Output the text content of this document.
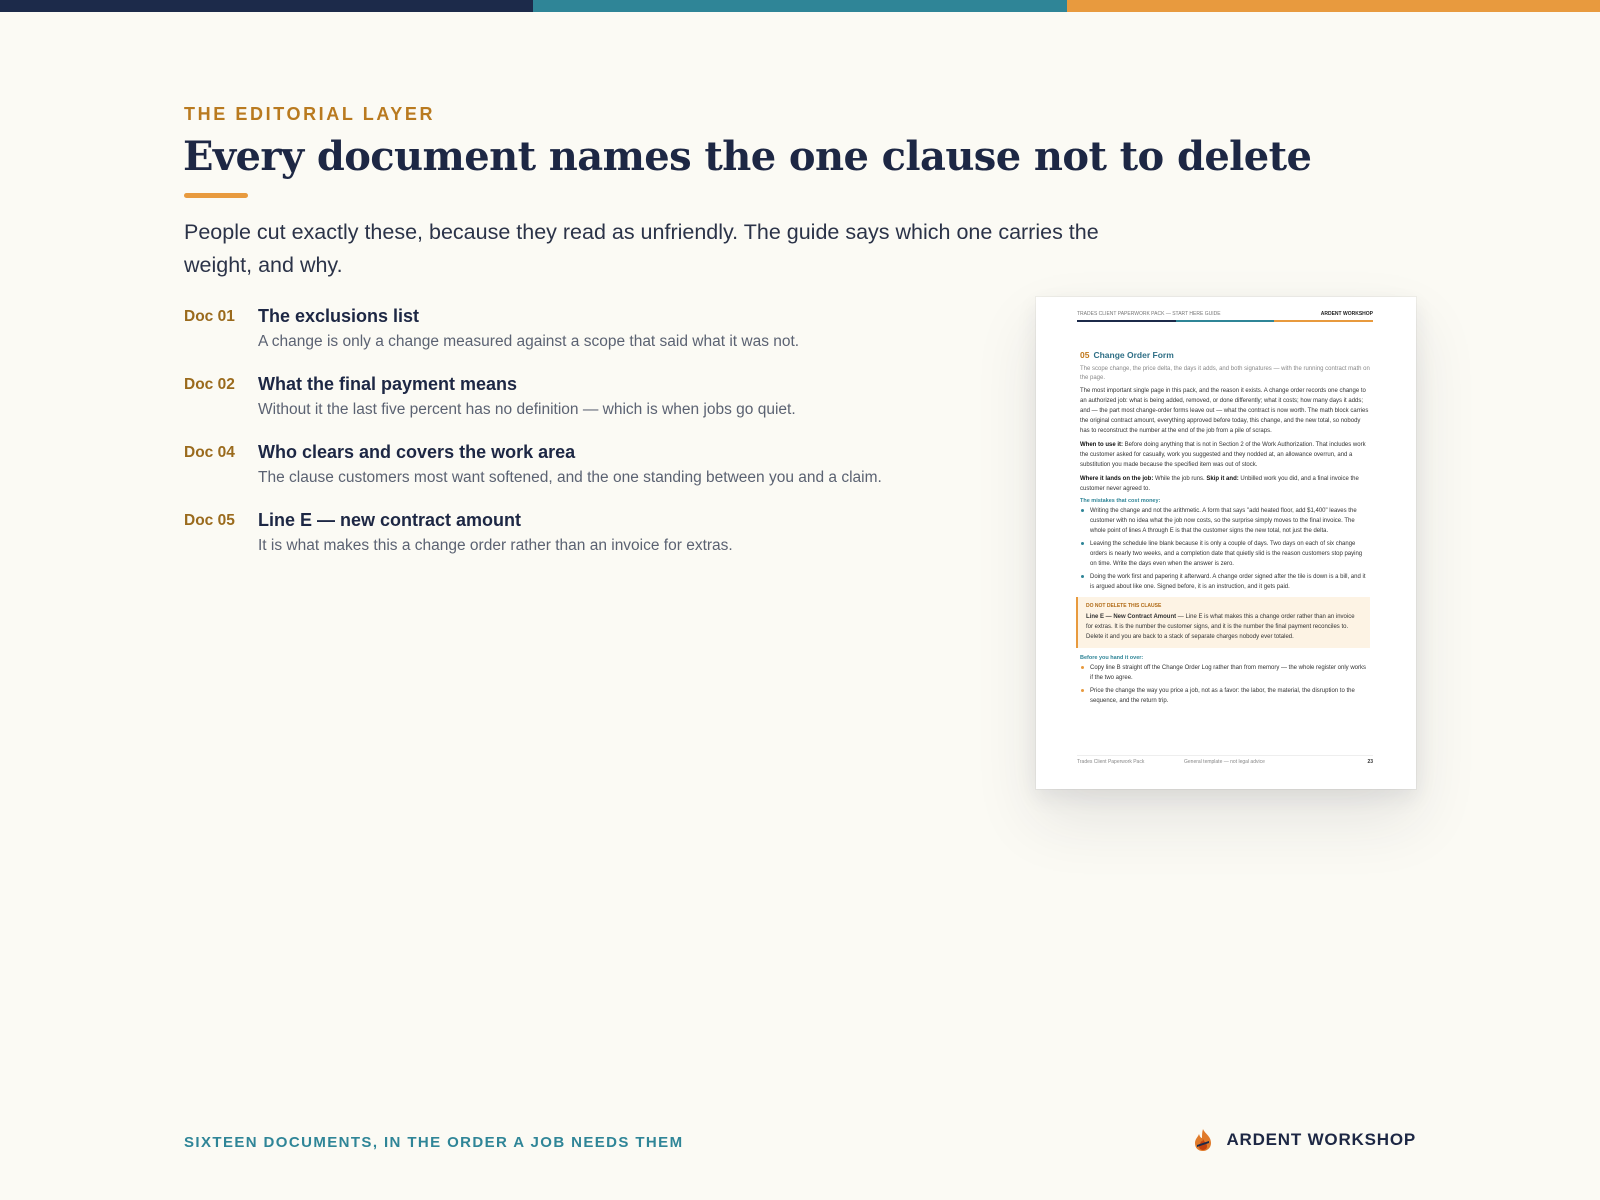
THE EDITORIAL LAYER
Every document names the one clause not to delete

People cut exactly these, because they read as unfriendly. The guide says which one carries the weight, and why.

Doc 01 The exclusions list
A change is only a change measured against a scope that said what it was not.
Doc 02 What the final payment means
Without it the last five percent has no definition — which is when jobs go quiet.
Doc 04 Who clears and covers the work area
The clause customers most want softened, and the one standing between you and a claim.
Doc 05 Line E — new contract amount
It is what makes this a change order rather than an invoice for extras.
TRADES CLIENT PAPERWORK PACK — START HERE GUIDE	ARDENT WORKSHOP
05 Change Order Form
The scope change, the price delta, the days it adds, and both signatures — with the running contract math on the page.
The most important single page in this pack, and the reason it exists. A change order records one change to an authorized job: what is being added, removed, or done differently; what it costs; how many days it adds; and — the part most change-order forms leave out — what the contract is now worth. The math block carries the original contract amount, everything approved before today, this change, and the new total, so nobody has to reconstruct the number at the end of the job from a pile of scraps.
When to use it: Before doing anything that is not in Section 2 of the Work Authorization. That includes work the customer asked for casually, work you suggested and they nodded at, an allowance overrun, and a substitution you made because the specified item was out of stock.
Where it lands on the job: While the job runs. Skip it and: Unbilled work you did, and a final invoice the customer never agreed to.
The mistakes that cost money:
Writing the change and not the arithmetic. A form that says "add heated floor, add $1,400" leaves the customer with no idea what the job now costs, so the surprise simply moves to the final invoice. The whole point of lines A through E is that the customer signs the new total, not just the delta.
Leaving the schedule line blank because it is only a couple of days. Two days on each of six change orders is nearly two weeks, and a completion date that quietly slid is the reason customers stop paying on time. Write the days even when the answer is zero.
Doing the work first and papering it afterward. A change order signed after the tile is down is a bill, and it is argued about like one. Signed before, it is an instruction, and it gets paid.
DO NOT DELETE THIS CLAUSE
Line E — New Contract Amount — Line E is what makes this a change order rather than an invoice for extras. It is the number the customer signs, and it is the number the final payment reconciles to. Delete it and you are back to a stack of separate charges nobody ever totaled.
Before you hand it over:
Copy line B straight off the Change Order Log rather than from memory — the whole register only works if the two agree.
Price the change the way you price a job, not as a favor: the labor, the material, the disruption to the sequence, and the return trip.
Trades Client Paperwork Pack	General template — not legal advice	23
SIXTEEN DOCUMENTS, IN THE ORDER A JOB NEEDS THEM	ARDENT WORKSHOP
